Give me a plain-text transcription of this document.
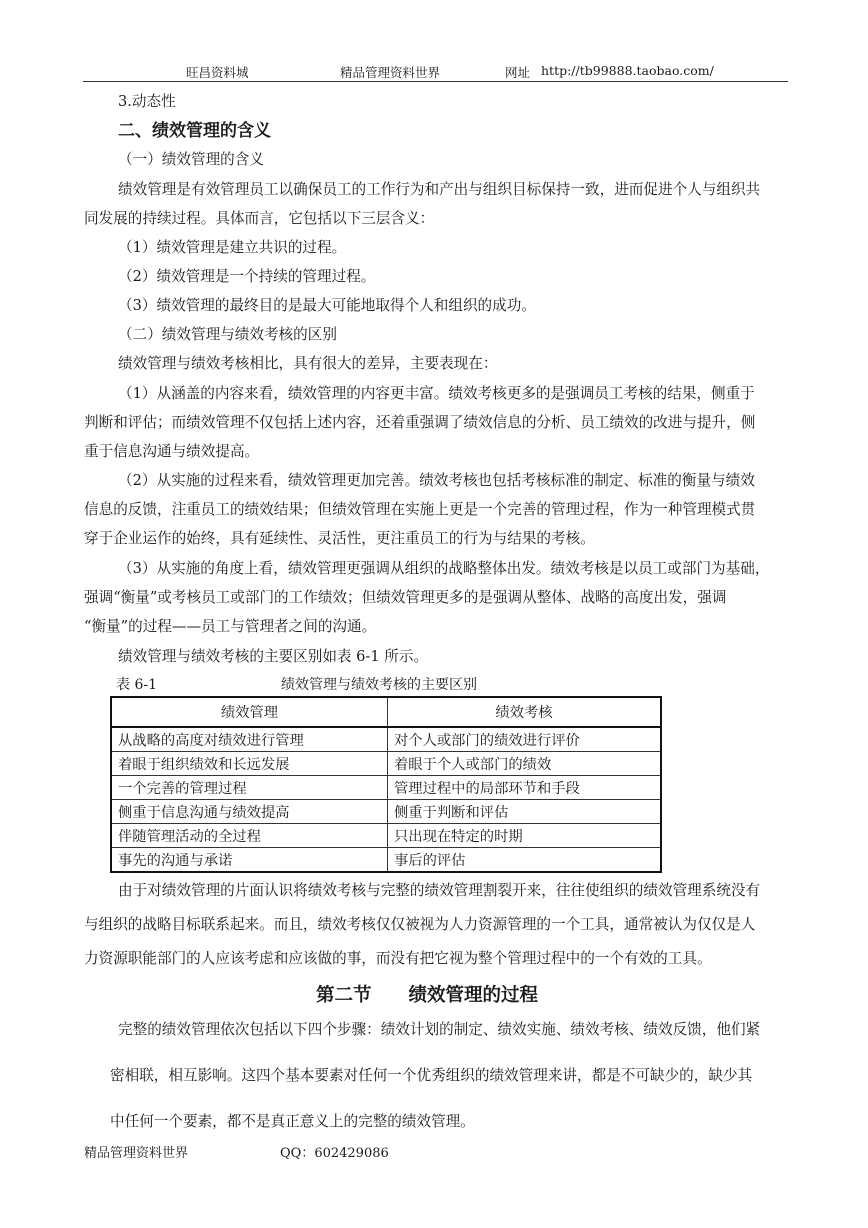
旺昌资料城	精品管理资料世界	网址 http://tb99888.taobao.com/
3.动态性
二、绩效管理的含义
（一）绩效管理的含义
绩效管理是有效管理员工以确保员工的工作行为和产出与组织目标保持一致，进而促进个人与组织共
同发展的持续过程。具体而言，它包括以下三层含义：
（1）绩效管理是建立共识的过程。
（2）绩效管理是一个持续的管理过程。
（3）绩效管理的最终目的是最大可能地取得个人和组织的成功。
（二）绩效管理与绩效考核的区别
绩效管理与绩效考核相比，具有很大的差异，主要表现在：
（1）从涵盖的内容来看，绩效管理的内容更丰富。绩效考核更多的是强调员工考核的结果，侧重于
判断和评估；而绩效管理不仅包括上述内容，还着重强调了绩效信息的分析、员工绩效的改进与提升，侧
重于信息沟通与绩效提高。
（2）从实施的过程来看，绩效管理更加完善。绩效考核也包括考核标准的制定、标准的衡量与绩效
信息的反馈，注重员工的绩效结果；但绩效管理在实施上更是一个完善的管理过程，作为一种管理模式贯
穿于企业运作的始终，具有延续性、灵活性，更注重员工的行为与结果的考核。
（3）从实施的角度上看，绩效管理更强调从组织的战略整体出发。绩效考核是以员工或部门为基础，
强调“衡量”或考核员工或部门的工作绩效；但绩效管理更多的是强调从整体、战略的高度出发，强调
“衡量”的过程——员工与管理者之间的沟通。
绩效管理与绩效考核的主要区别如表 6-1 所示。
表 6-1	绩效管理与绩效考核的主要区别
绩效管理	绩效考核
从战略的高度对绩效进行管理	对个人或部门的绩效进行评价
着眼于组织绩效和长远发展	着眼于个人或部门的绩效
一个完善的管理过程	管理过程中的局部环节和手段
侧重于信息沟通与绩效提高	侧重于判断和评估
伴随管理活动的全过程	只出现在特定的时期
事先的沟通与承诺	事后的评估
由于对绩效管理的片面认识将绩效考核与完整的绩效管理割裂开来，往往使组织的绩效管理系统没有
与组织的战略目标联系起来。而且，绩效考核仅仅被视为人力资源管理的一个工具，通常被认为仅仅是人
力资源职能部门的人应该考虑和应该做的事，而没有把它视为整个管理过程中的一个有效的工具。
第二节　　绩效管理的过程
完整的绩效管理依次包括以下四个步骤：绩效计划的制定、绩效实施、绩效考核、绩效反馈，他们紧
密相联，相互影响。这四个基本要素对任何一个优秀组织的绩效管理来讲，都是不可缺少的，缺少其
中任何一个要素，都不是真正意义上的完整的绩效管理。
精品管理资料世界	QQ：602429086
